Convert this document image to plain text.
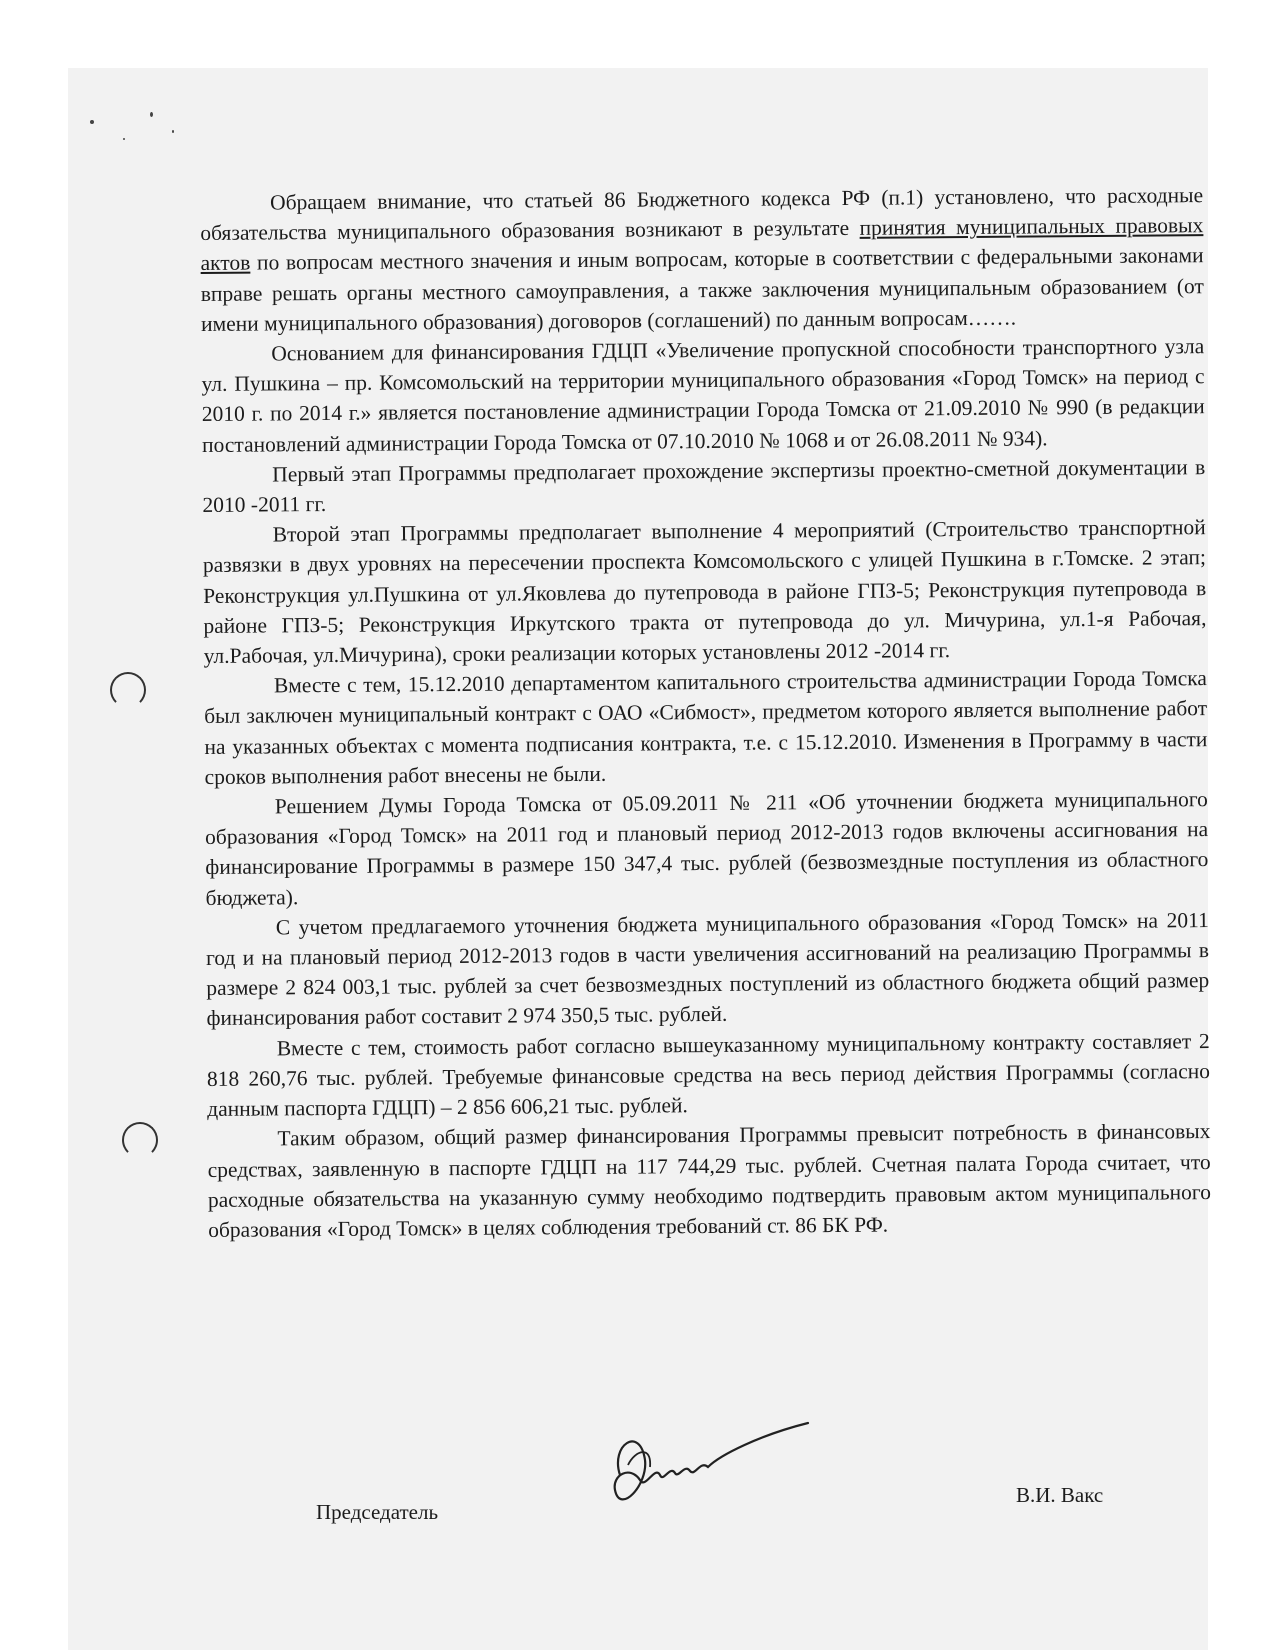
Обращаем внимание, что статьей 86 Бюджетного кодекса РФ (п.1) установлено, что расходные обязательства муниципального образования возникают в результате принятия муниципальных правовых актов по вопросам местного значения и иным вопросам, которые в соответствии с федеральными законами вправе решать органы местного самоуправления, а также заключения муниципальным образованием (от имени муниципального образования) договоров (соглашений) по данным вопросам…….

Основанием для финансирования ГДЦП «Увеличение пропускной способности транспортного узла ул. Пушкина – пр. Комсомольский на территории муниципального образования «Город Томск» на период с 2010 г. по 2014 г.» является постановление администрации Города Томска от 21.09.2010 № 990 (в редакции постановлений администрации Города Томска от 07.10.2010 № 1068 и от 26.08.2011 № 934).

Первый этап Программы предполагает прохождение экспертизы проектно-сметной документации в 2010 -2011 гг.

Второй этап Программы предполагает выполнение 4 мероприятий (Строительство транспортной развязки в двух уровнях на пересечении проспекта Комсомольского с улицей Пушкина в г.Томске. 2 этап; Реконструкция ул.Пушкина от ул.Яковлева до путепровода в районе ГПЗ-5; Реконструкция путепровода в районе ГПЗ-5; Реконструкция Иркутского тракта от путепровода до ул. Мичурина, ул.1-я Рабочая, ул.Рабочая, ул.Мичурина), сроки реализации которых установлены 2012 -2014 гг.

Вместе с тем, 15.12.2010 департаментом капитального строительства администрации Города Томска был заключен муниципальный контракт с ОАО «Сибмост», предметом которого является выполнение работ на указанных объектах с момента подписания контракта, т.е. с 15.12.2010. Изменения в Программу в части сроков выполнения работ внесены не были.

Решением Думы Города Томска от 05.09.2011 № 211 «Об уточнении бюджета муниципального образования «Город Томск» на 2011 год и плановый период 2012-2013 годов включены ассигнования на финансирование Программы в размере 150 347,4 тыс. рублей (безвозмездные поступления из областного бюджета).

С учетом предлагаемого уточнения бюджета муниципального образования «Город Томск» на 2011 год и на плановый период 2012-2013 годов в части увеличения ассигнований на реализацию Программы в размере 2 824 003,1 тыс. рублей за счет безвозмездных поступлений из областного бюджета общий размер финансирования работ составит 2 974 350,5 тыс. рублей.

Вместе с тем, стоимость работ согласно вышеуказанному муниципальному контракту составляет 2 818 260,76 тыс. рублей. Требуемые финансовые средства на весь период действия Программы (согласно данным паспорта ГДЦП) – 2 856 606,21 тыс. рублей.

Таким образом, общий размер финансирования Программы превысит потребность в финансовых средствах, заявленную в паспорте ГДЦП на 117 744,29 тыс. рублей. Счетная палата Города считает, что расходные обязательства на указанную сумму необходимо подтвердить правовым актом муниципального образования «Город Томск» в целях соблюдения требований ст. 86 БК РФ.

Председатель
В.И. Вакс
